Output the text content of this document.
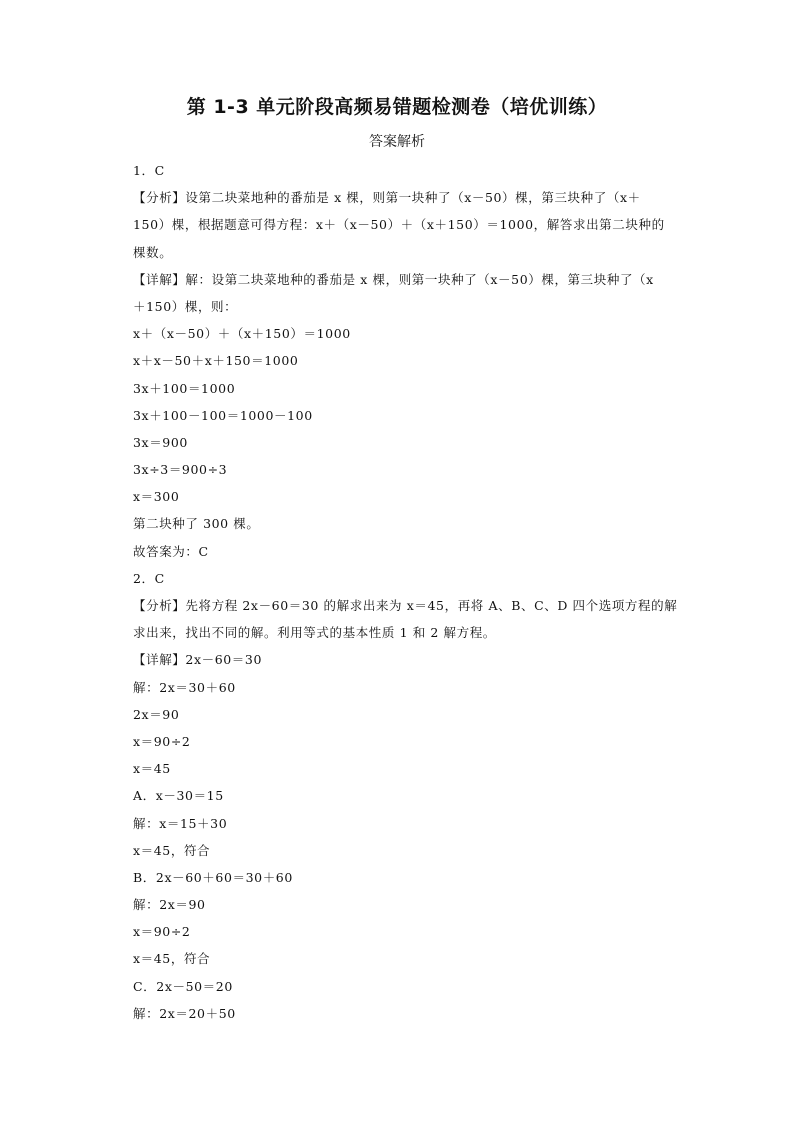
第 1-3 单元阶段高频易错题检测卷（培优训练）
答案解析
1．C
【分析】设第二块菜地种的番茄是 x 棵，则第一块种了（x－50）棵，第三块种了（x＋
150）棵，根据题意可得方程：x＋（x－50）＋（x＋150）＝1000，解答求出第二块种的
棵数。
【详解】解：设第二块菜地种的番茄是 x 棵，则第一块种了（x－50）棵，第三块种了（x
＋150）棵，则：
x＋（x－50）＋（x＋150）＝1000
x＋x－50＋x＋150＝1000
3x＋100＝1000
3x＋100－100＝1000－100
3x＝900
3x÷3＝900÷3
x＝300
第二块种了 300 棵。
故答案为：C
2．C
【分析】先将方程 2x－60＝30 的解求出来为 x＝45，再将 A、B、C、D 四个选项方程的解
求出来，找出不同的解。利用等式的基本性质 1 和 2 解方程。
【详解】2x－60＝30
解：2x＝30＋60
2x＝90
x＝90÷2
x＝45
A．x－30＝15
解：x＝15＋30
x＝45，符合
B．2x－60＋60＝30＋60
解：2x＝90
x＝90÷2
x＝45，符合
C．2x－50＝20
解：2x＝20＋50
